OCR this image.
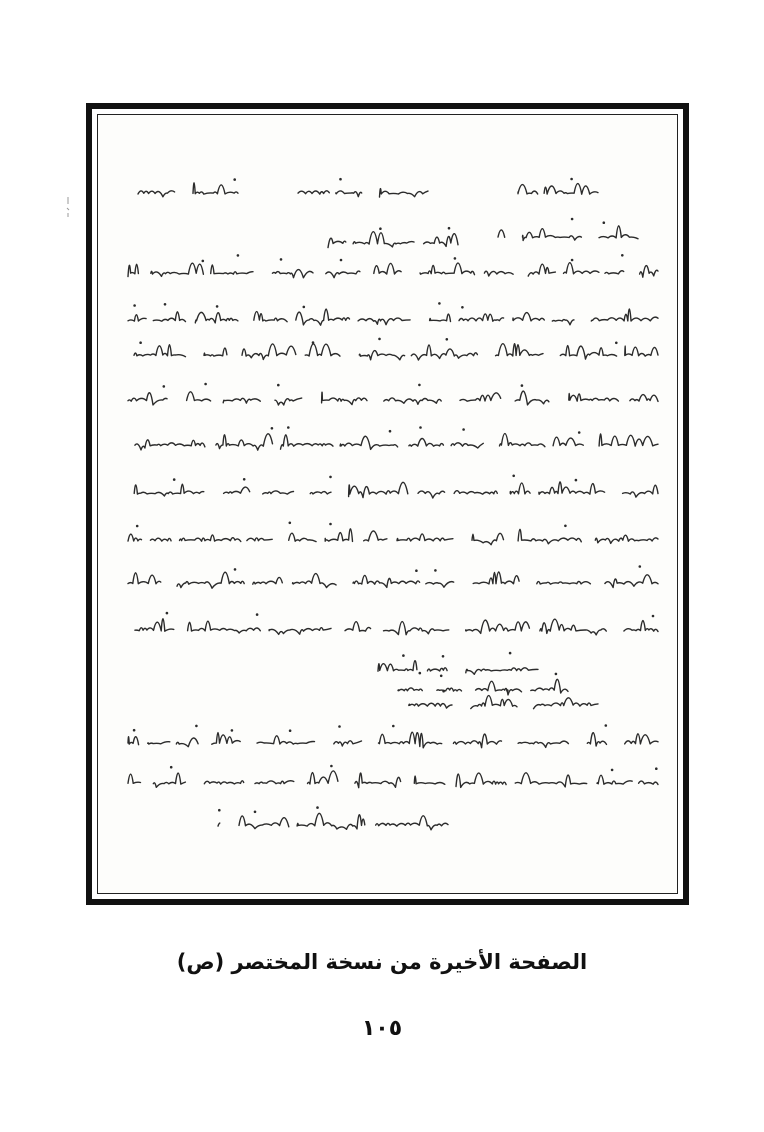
الصفحة الأخيرة من نسخة المختصر (ص)
١٠٥
